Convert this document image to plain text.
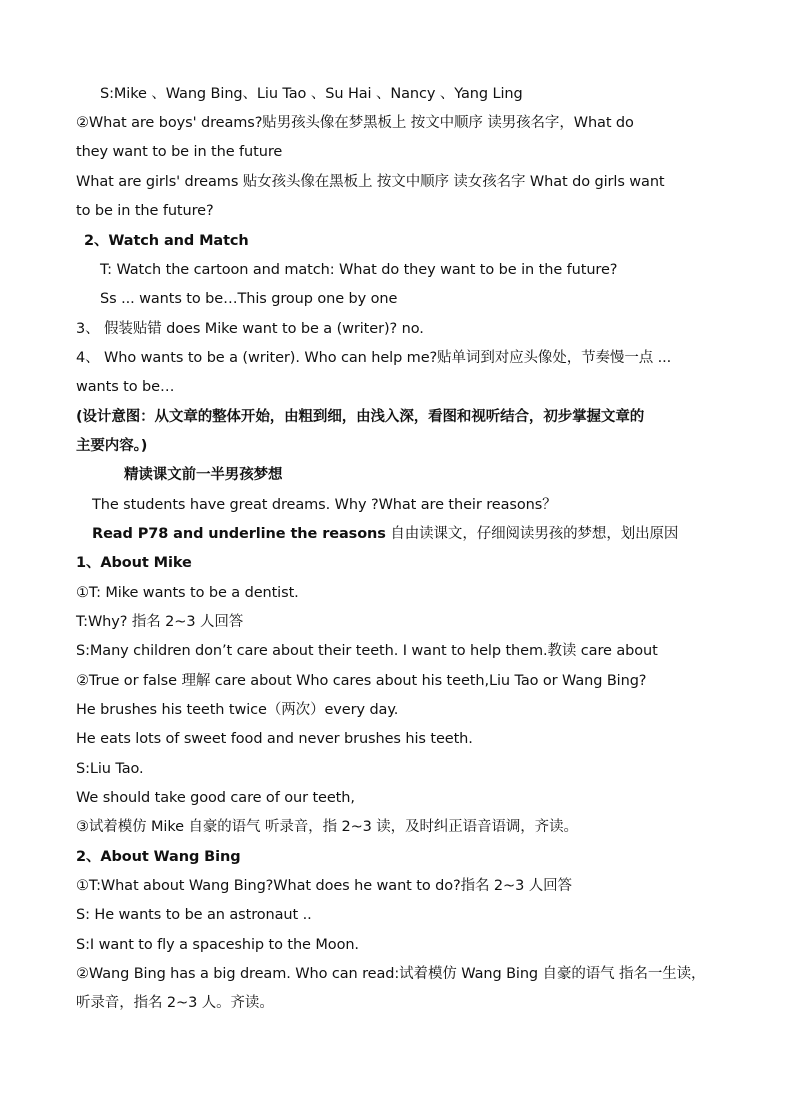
S:Mike 、Wang Bing、Liu Tao 、Su Hai 、Nancy 、Yang Ling
②What are boys' dreams?贴男孩头像在梦黑板上 按文中顺序 读男孩名字，What do
they want to be in the future
What are girls' dreams 贴女孩头像在黑板上 按文中顺序 读女孩名字 What do girls want
to be in the future?
2、Watch and Match
T: Watch the cartoon and match: What do they want to be in the future?
Ss ... wants to be…This group one by one
3、 假装贴错 does Mike want to be a (writer)? no.
4、 Who wants to be a (writer). Who can help me?贴单词到对应头像处，节奏慢一点 ...
wants to be…
(设计意图：从文章的整体开始，由粗到细，由浅入深，看图和视听结合，初步掌握文章的
主要内容。)
精读课文前一半男孩梦想
The students have great dreams. Why ?What are their reasons？
Read P78 and underline the reasons 自由读课文，仔细阅读男孩的梦想，划出原因
1、About Mike
①T: Mike wants to be a dentist.
T:Why? 指名 2~3 人回答
S:Many children don’t care about their teeth. I want to help them.教读 care about
②True or false 理解 care about Who cares about his teeth,Liu Tao or Wang Bing?
He brushes his teeth twice（两次）every day.
He eats lots of sweet food and never brushes his teeth.
S:Liu Tao.
We should take good care of our teeth,
③试着模仿 Mike 自豪的语气 听录音，指 2~3 读，及时纠正语音语调，齐读。
2、About Wang Bing
①T:What about Wang Bing?What does he want to do?指名 2~3 人回答
S: He wants to be an astronaut ..
S:I want to fly a spaceship to the Moon.
②Wang Bing has a big dream. Who can read:试着模仿 Wang Bing 自豪的语气 指名一生读，
听录音，指名 2~3 人。齐读。
